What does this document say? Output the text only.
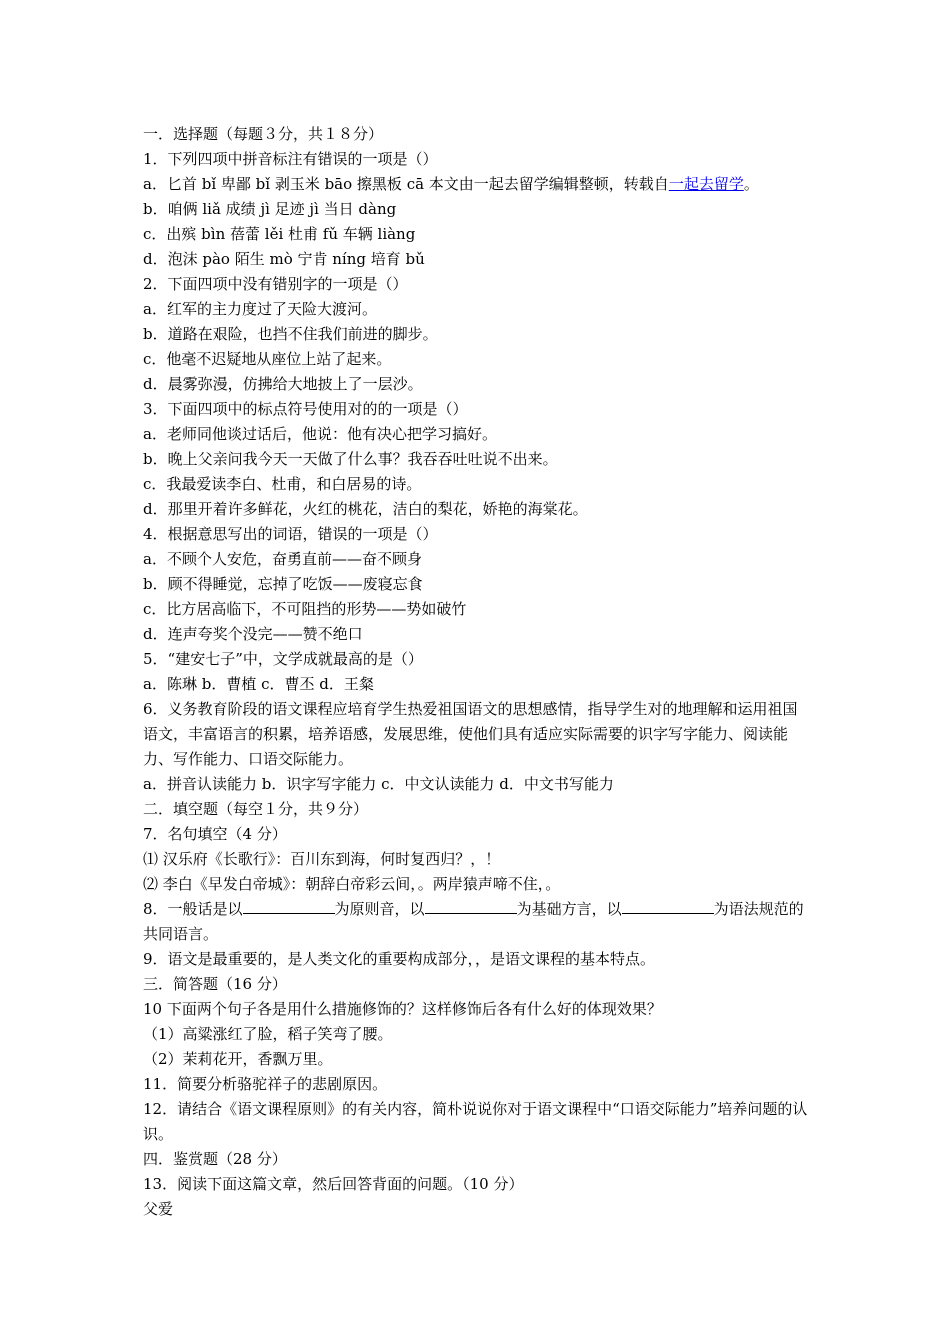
一．选择题（每题３分，共１８分）

1．下列四项中拼音标注有错误的一项是（）

a．匕首 bǐ 卑鄙 bǐ 剥玉米 bāo 擦黑板 cā 本文由一起去留学编辑整顿，转载自一起去留学。

b．咱俩 liǎ 成绩 jì 足迹 jì 当日 dàng

c．出殡 bìn 蓓蕾 lěi 杜甫 fǔ 车辆 liàng

d．泡沫 pào 陌生 mò 宁肯 níng 培育 bǔ

2．下面四项中没有错别字的一项是（）

a．红军的主力度过了天险大渡河。

b．道路在艰险，也挡不住我们前进的脚步。

c．他毫不迟疑地从座位上站了起来。

d．晨雾弥漫，仿拂给大地披上了一层沙。

3．下面四项中的标点符号使用对的的一项是（）

a．老师同他谈过话后，他说：他有决心把学习搞好。

b．晚上父亲问我今天一天做了什么事？我吞吞吐吐说不出来。

c．我最爱读李白、杜甫，和白居易的诗。

d．那里开着许多鲜花，火红的桃花，洁白的梨花，娇艳的海棠花。

4．根据意思写出的词语，错误的一项是（）

a．不顾个人安危，奋勇直前——奋不顾身

b．顾不得睡觉，忘掉了吃饭——废寝忘食

c．比方居高临下，不可阻挡的形势——势如破竹

d．连声夸奖个没完——赞不绝口

5．“建安七子”中，文学成就最高的是（）

a．陈琳 b．曹植 c．曹丕 d．王粲

6．义务教育阶段的语文课程应培育学生热爱祖国语文的思想感情，指导学生对的地理解和运用祖国语文，丰富语言的积累，培养语感，发展思维，使他们具有适应实际需要的识字写字能力、阅读能力、写作能力、口语交际能力。

a．拼音认读能力 b．识字写字能力 c．中文认读能力 d．中文书写能力

二．填空题（每空１分，共９分）

7．名句填空（4 分）

⑴ 汉乐府《长歌行》：百川东到海，何时复西归？，！

⑵ 李白《早发白帝城》：朝辞白帝彩云间，。两岸猿声啼不住，。

8．一般话是以	为原则音，以	为基础方言，以	为语法规范的共同语言。

9．语文是最重要的，是人类文化的重要构成部分，，是语文课程的基本特点。

三．简答题（16 分）

10 下面两个句子各是用什么措施修饰的？这样修饰后各有什么好的体现效果？

（1）高粱涨红了脸，稻子笑弯了腰。

（2）茉莉花开，香飘万里。

11．简要分析骆驼祥子的悲剧原因。

12．请结合《语文课程原则》的有关内容，简朴说说你对于语文课程中“口语交际能力”培养问题的认识。

四．鉴赏题（28 分）

13．阅读下面这篇文章，然后回答背面的问题。（10 分）

父爱
